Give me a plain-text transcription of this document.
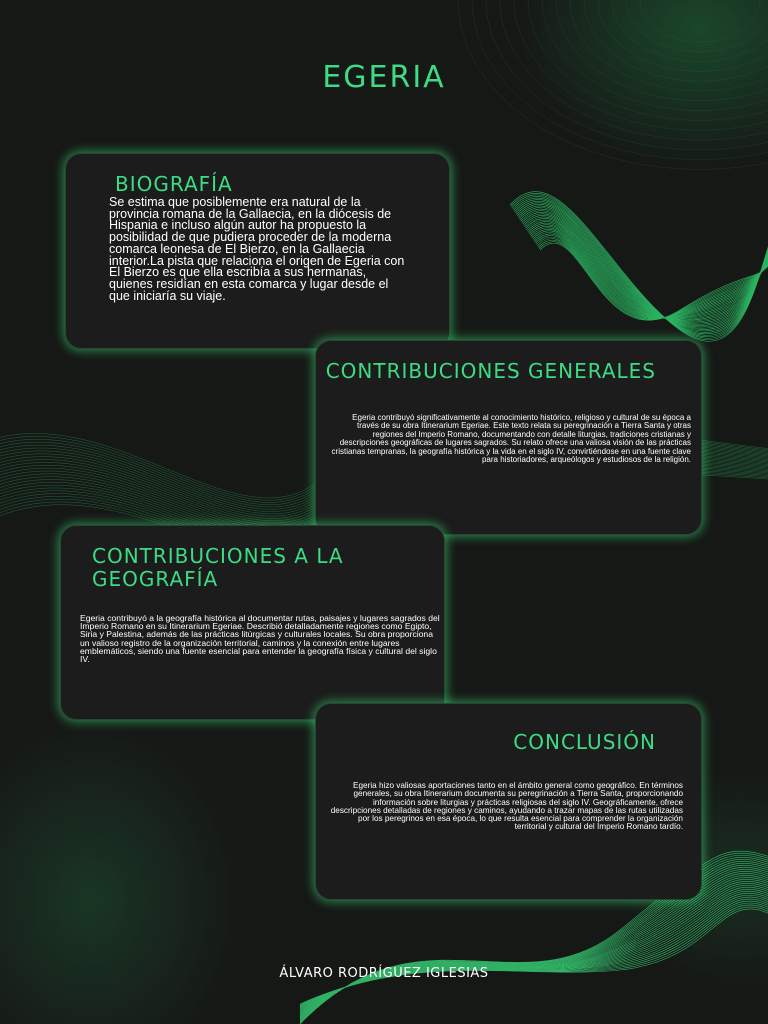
EGERIA
BIOGRAFÍA

Se estima que posiblemente era natural de la provincia romana de la Gallaecia, en la diócesis de Hispania e incluso algún autor ha propuesto la posibilidad de que pudiera proceder de la moderna comarca leonesa de El Bierzo, en la Gallaecia interior.La pista que relaciona el origen de Egeria con El Bierzo es que ella escribía a sus hermanas, quienes residían en esta comarca y lugar desde el que iniciaría su viaje.

CONTRIBUCIONES GENERALES

Egeria contribuyó significativamente al conocimiento histórico, religioso y cultural de su época a través de su obra Itinerarium Egeriae. Este texto relata su peregrinación a Tierra Santa y otras regiones del Imperio Romano, documentando con detalle liturgias, tradiciones cristianas y descripciones geográficas de lugares sagrados. Su relato ofrece una valiosa visión de las prácticas cristianas tempranas, la geografía histórica y la vida en el siglo IV, convirtiéndose en una fuente clave para historiadores, arqueólogos y estudiosos de la religión.

CONTRIBUCIONES A LA GEOGRAFÍA

Egeria contribuyó a la geografía histórica al documentar rutas, paisajes y lugares sagrados del Imperio Romano en su Itinerarium Egeriae. Describió detalladamente regiones como Egipto, Siria y Palestina, además de las prácticas litúrgicas y culturales locales. Su obra proporciona un valioso registro de la organización territorial, caminos y la conexión entre lugares emblemáticos, siendo una fuente esencial para entender la geografía física y cultural del siglo IV.

CONCLUSIÓN

Egeria hizo valiosas aportaciones tanto en el ámbito general como geográfico. En términos generales, su obra Itinerarium documenta su peregrinación a Tierra Santa, proporcionando información sobre liturgias y prácticas religiosas del siglo IV. Geográficamente, ofrece descripciones detalladas de regiones y caminos, ayudando a trazar mapas de las rutas utilizadas por los peregrinos en esa época, lo que resulta esencial para comprender la organización territorial y cultural del Imperio Romano tardío.

ÁLVARO RODRÍGUEZ IGLESIAS
